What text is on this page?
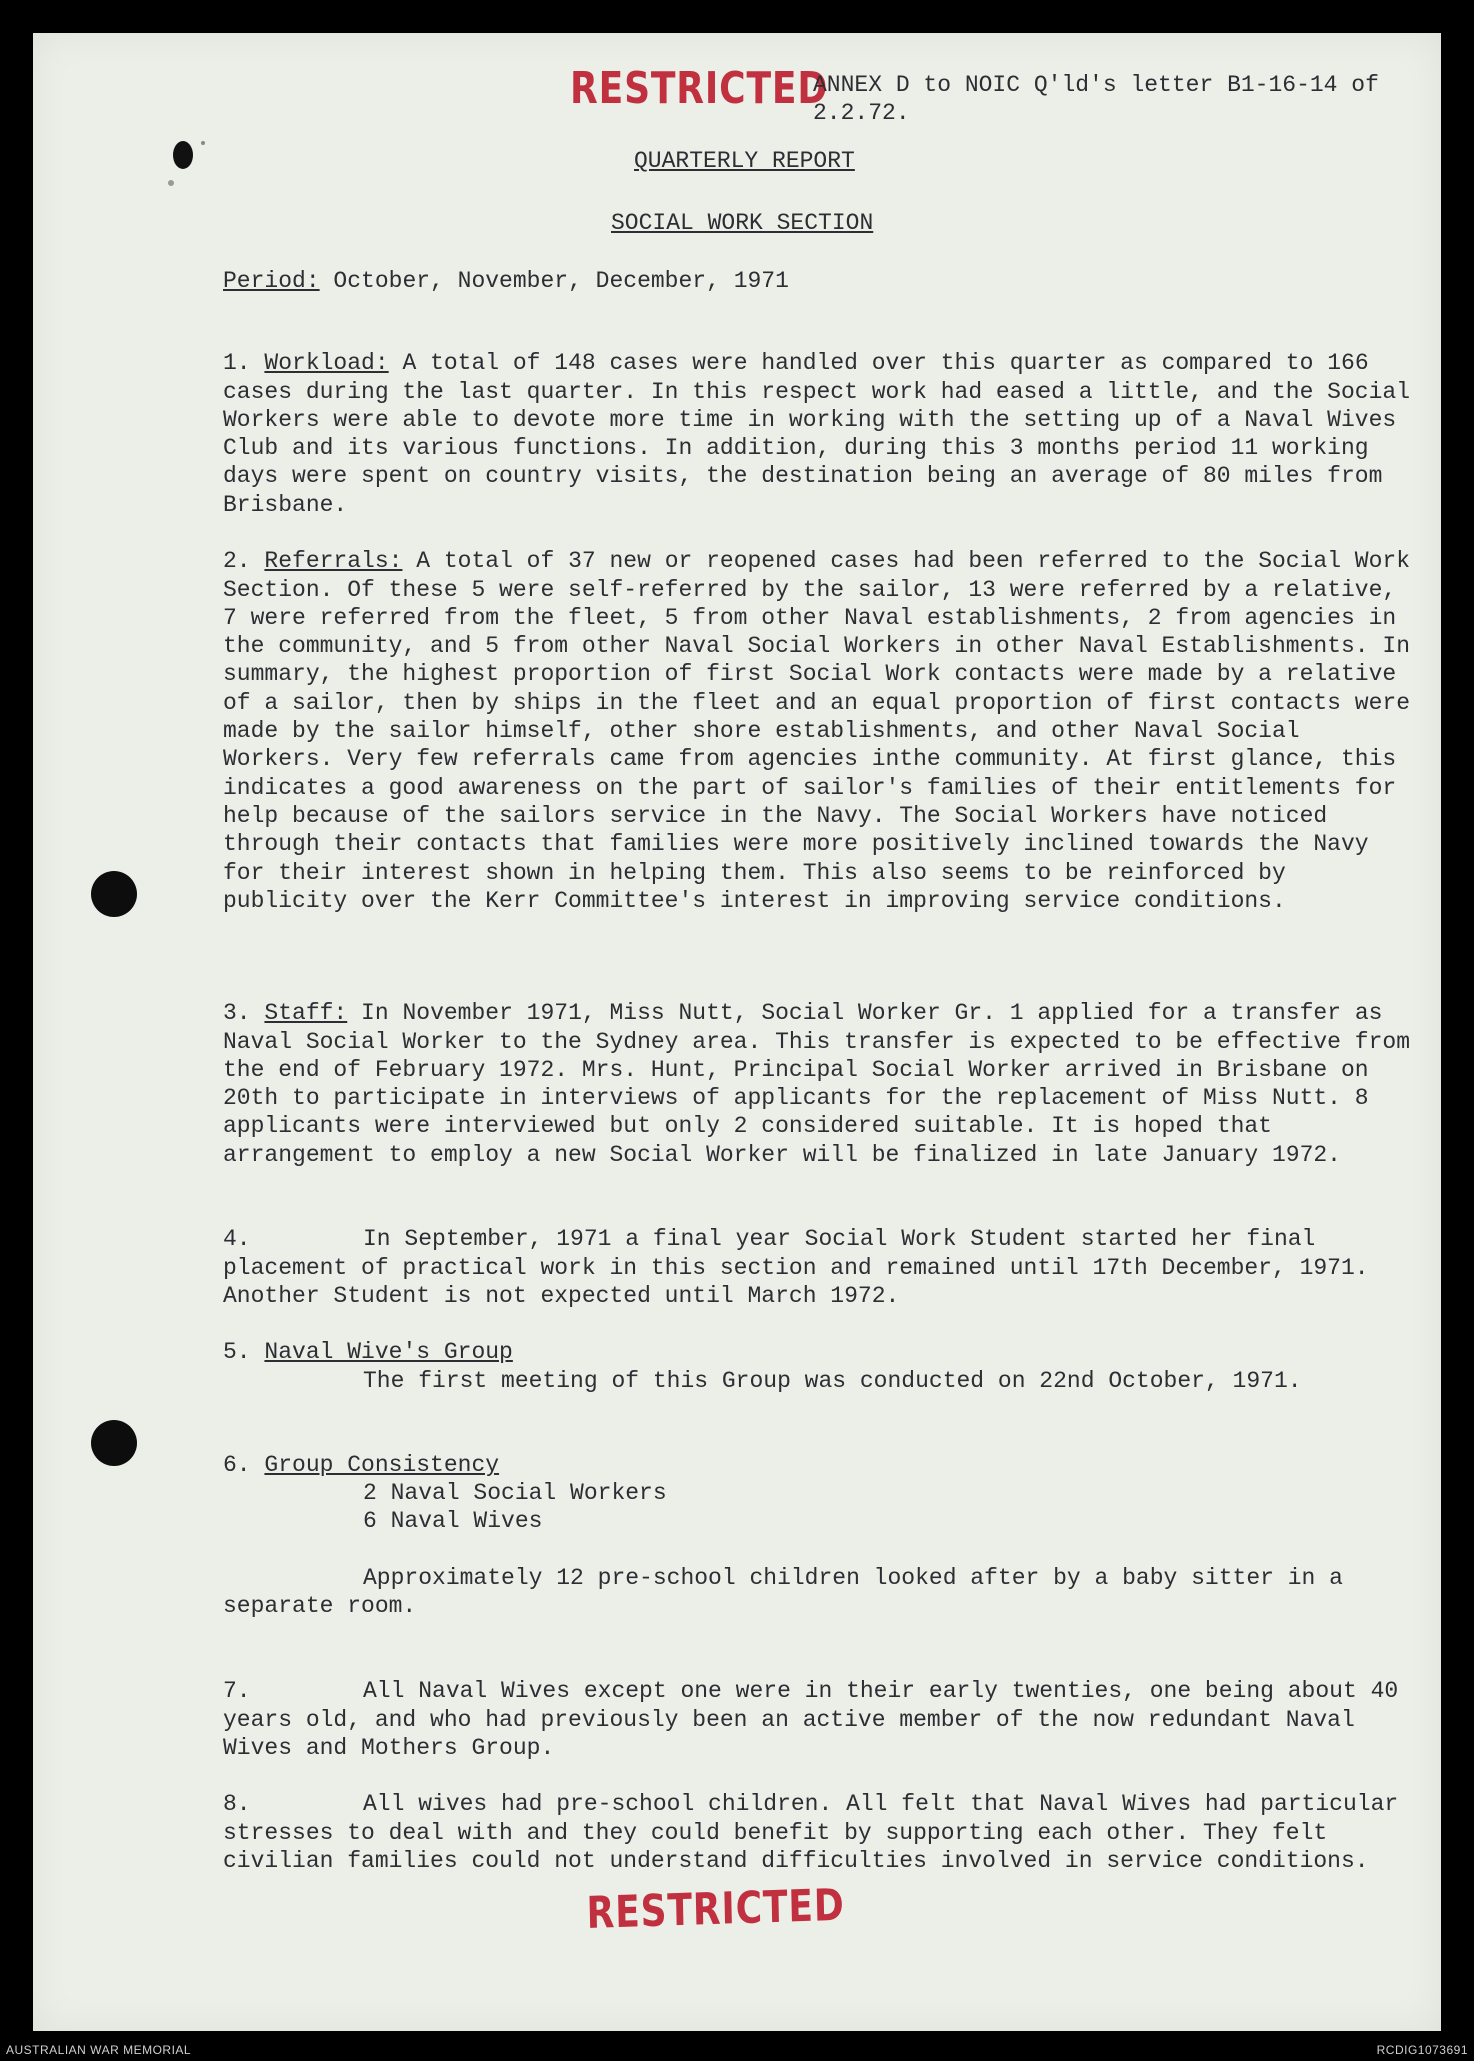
RESTRICTED
ANNEX D to NOIC Q'ld's letter B1-16-14 of 2.2.72.
QUARTERLY REPORT
SOCIAL WORK SECTION
Period: October, November, December, 1971

1. Workload: A total of 148 cases were handled over this quarter as compared to 166 cases during the last quarter. In this respect work had eased a little, and the Social Workers were able to devote more time in working with the setting up of a Naval Wives Club and its various functions. In addition, during this 3 months period 11 working days were spent on country visits, the destination being an average of 80 miles from Brisbane.

2. Referrals: A total of 37 new or reopened cases had been referred to the Social Work Section. Of these 5 were self-referred by the sailor, 13 were referred by a relative, 7 were referred from the fleet, 5 from other Naval establishments, 2 from agencies in the community, and 5 from other Naval Social Workers in other Naval Establishments. In summary, the highest proportion of first Social Work contacts were made by a relative of a sailor, then by ships in the fleet and an equal proportion of first contacts were made by the sailor himself, other shore establishments, and other Naval Social Workers. Very few referrals came from agencies inthe community. At first glance, this indicates a good awareness on the part of sailor's families of their entitlements for help because of the sailors service in the Navy. The Social Workers have noticed through their contacts that families were more positively inclined towards the Navy for their interest shown in helping them. This also seems to be reinforced by publicity over the Kerr Committee's interest in improving service conditions.

3. Staff: In November 1971, Miss Nutt, Social Worker Gr. 1 applied for a transfer as Naval Social Worker to the Sydney area. This transfer is expected to be effective from the end of February 1972. Mrs. Hunt, Principal Social Worker arrived in Brisbane on 20th to participate in interviews of applicants for the replacement of Miss Nutt. 8 applicants were interviewed but only 2 considered suitable. It is hoped that arrangement to employ a new Social Worker will be finalized in late January 1972.

4.	In September, 1971 a final year Social Work Student started her final placement of practical work in this section and remained until 17th December, 1971. Another Student is not expected until March 1972.

5. Naval Wive's Group

The first meeting of this Group was conducted on 22nd October, 1971.

6. Group Consistency

2 Naval Social Workers
6 Naval Wives
Approximately 12 pre-school children looked after by a baby sitter in a separate room.

7.	All Naval Wives except one were in their early twenties, one being about 40 years old, and who had previously been an active member of the now redundant Naval Wives and Mothers Group.

8.	All wives had pre-school children. All felt that Naval Wives had particular stresses to deal with and they could benefit by supporting each other. They felt civilian families could not understand difficulties involved in service conditions.

RESTRICTED
AUSTRALIAN WAR MEMORIAL	RCDIG1073691
